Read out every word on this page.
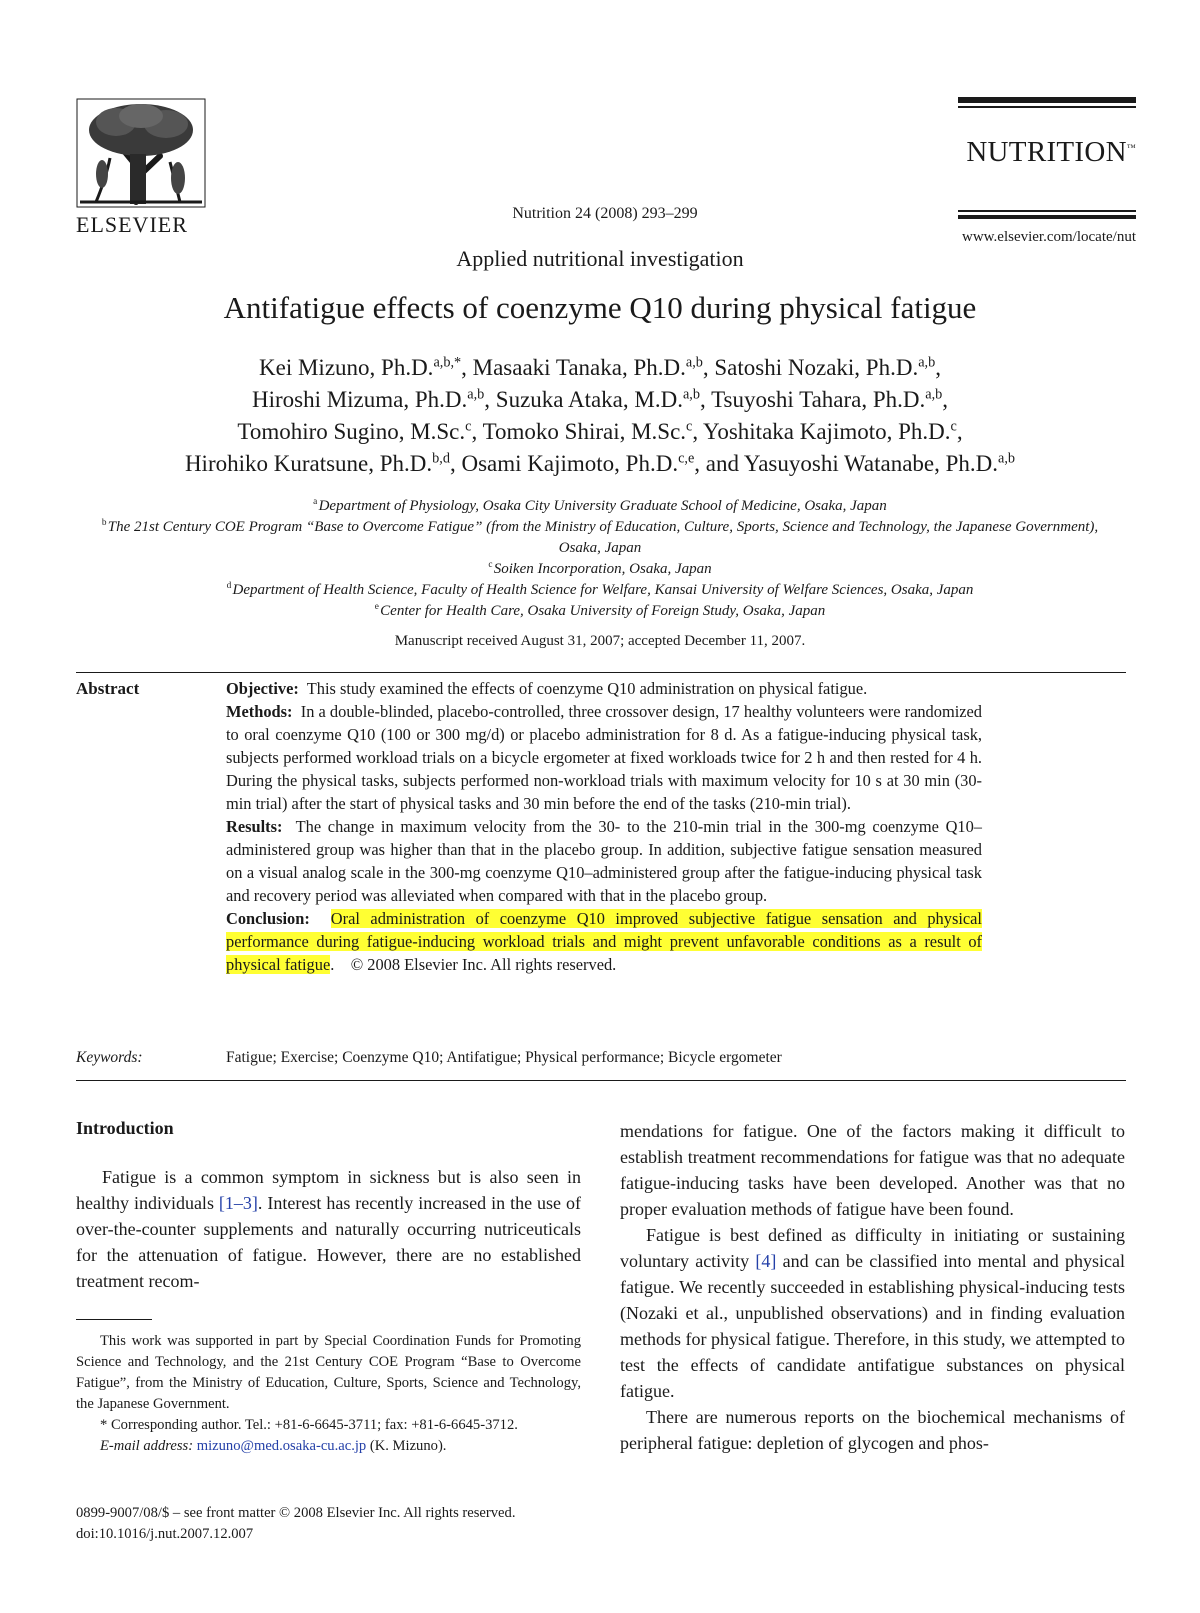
ELSEVIER	Nutrition 24 (2008) 293–299
NUTRITION™
www.elsevier.com/locate/nut
Applied nutritional investigation
Antifatigue effects of coenzyme Q10 during physical fatigue
Kei Mizuno, Ph.D.$^{a,b,*}$, Masaaki Tanaka, Ph.D.$^{a,b}$, Satoshi Nozaki, Ph.D.$^{a,b}$,
Hiroshi Mizuma, Ph.D.$^{a,b}$, Suzuka Ataka, M.D.$^{a,b}$, Tsuyoshi Tahara, Ph.D.$^{a,b}$,
Tomohiro Sugino, M.Sc.$^c$, Tomoko Shirai, M.Sc.$^c$, Yoshitaka Kajimoto, Ph.D.$^c$,
Hirohiko Kuratsune, Ph.D.$^{b,d}$, Osami Kajimoto, Ph.D.$^{c,e}$, and Yasuyoshi Watanabe, Ph.D.$^{a,b}$
$^a$ Department of Physiology, Osaka City University Graduate School of Medicine, Osaka, Japan
$^b$ The 21st Century COE Program “Base to Overcome Fatigue” (from the Ministry of Education, Culture, Sports, Science and Technology, the Japanese Government), Osaka, Japan
$^c$ Soiken Incorporation, Osaka, Japan
$^d$ Department of Health Science, Faculty of Health Science for Welfare, Kansai University of Welfare Sciences, Osaka, Japan
$^e$ Center for Health Care, Osaka University of Foreign Study, Osaka, Japan
Manuscript received August 31, 2007; accepted December 11, 2007.
Abstract	Objective: This study examined the effects of coenzyme Q10 administration on physical fatigue.

Methods: In a double-blinded, placebo-controlled, three crossover design, 17 healthy volunteers were randomized to oral coenzyme Q10 (100 or 300 mg/d) or placebo administration for 8 d. As a fatigue-inducing physical task, subjects performed workload trials on a bicycle ergometer at fixed workloads twice for 2 h and then rested for 4 h. During the physical tasks, subjects performed non-workload trials with maximum velocity for 10 s at 30 min (30-min trial) after the start of physical tasks and 30 min before the end of the tasks (210-min trial).

Results: The change in maximum velocity from the 30- to the 210-min trial in the 300-mg coenzyme Q10–administered group was higher than that in the placebo group. In addition, subjective fatigue sensation measured on a visual analog scale in the 300-mg coenzyme Q10–administered group after the fatigue-inducing physical task and recovery period was alleviated when compared with that in the placebo group.

Conclusion: Oral administration of coenzyme Q10 improved subjective fatigue sensation and physical performance during fatigue-inducing workload trials and might prevent unfavorable conditions as a result of physical fatigue. © 2008 Elsevier Inc. All rights reserved.

Keywords:	Fatigue; Exercise; Coenzyme Q10; Antifatigue; Physical performance; Bicycle ergometer
Introduction

Fatigue is a common symptom in sickness but is also seen in healthy individuals [1–3]. Interest has recently increased in the use of over-the-counter supplements and naturally occurring nutriceuticals for the attenuation of fatigue. However, there are no established treatment recom-

This work was supported in part by Special Coordination Funds for Promoting Science and Technology, and the 21st Century COE Program “Base to Overcome Fatigue”, from the Ministry of Education, Culture, Sports, Science and Technology, the Japanese Government.

* Corresponding author. Tel.: +81-6-6645-3711; fax: +81-6-6645-3712.

E-mail address: mizuno@med.osaka-cu.ac.jp (K. Mizuno).

0899-9007/08/$ – see front matter © 2008 Elsevier Inc. All rights reserved.
doi:10.1016/j.nut.2007.12.007

mendations for fatigue. One of the factors making it difficult to establish treatment recommendations for fatigue was that no adequate fatigue-inducing tasks have been developed. Another was that no proper evaluation methods of fatigue have been found.

Fatigue is best defined as difficulty in initiating or sustaining voluntary activity [4] and can be classified into mental and physical fatigue. We recently succeeded in establishing physical-inducing tests (Nozaki et al., unpublished observations) and in finding evaluation methods for physical fatigue. Therefore, in this study, we attempted to test the effects of candidate antifatigue substances on physical fatigue.

There are numerous reports on the biochemical mechanisms of peripheral fatigue: depletion of glycogen and phos-
